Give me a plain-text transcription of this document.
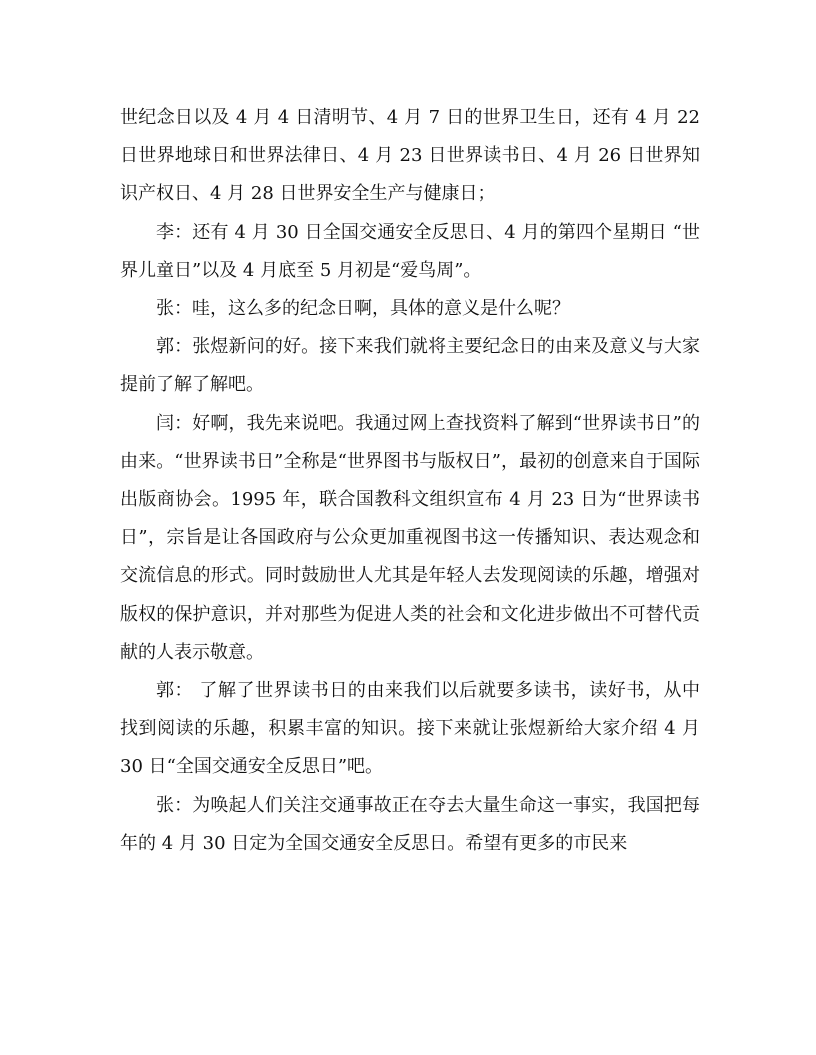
世纪念日以及 4 月 4 日清明节、4 月 7 日的世界卫生日，还有 4 月 22 日世界地球日和世界法律日、4 月 23 日世界读书日、4 月 26 日世界知识产权日、4 月 28 日世界安全生产与健康日；

李：还有 4 月 30 日全国交通安全反思日、4 月的第四个星期日 “世界儿童日”以及 4 月底至 5 月初是“爱鸟周”。

张：哇，这么多的纪念日啊，具体的意义是什么呢？

郭：张煜新问的好。接下来我们就将主要纪念日的由来及意义与大家提前了解了解吧。

闫：好啊，我先来说吧。我通过网上查找资料了解到“世界读书日”的由来。“世界读书日”全称是“世界图书与版权日”，最初的创意来自于国际出版商协会。1995 年，联合国教科文组织宣布 4 月 23 日为“世界读书日”，宗旨是让各国政府与公众更加重视图书这一传播知识、表达观念和交流信息的形式。同时鼓励世人尤其是年轻人去发现阅读的乐趣，增强对版权的保护意识，并对那些为促进人类的社会和文化进步做出不可替代贡献的人表示敬意。

郭： 了解了世界读书日的由来我们以后就要多读书，读好书，从中找到阅读的乐趣，积累丰富的知识。接下来就让张煜新给大家介绍 4 月 30 日“全国交通安全反思日”吧。

张：为唤起人们关注交通事故正在夺去大量生命这一事实，我国把每年的 4 月 30 日定为全国交通安全反思日。希望有更多的市民来
